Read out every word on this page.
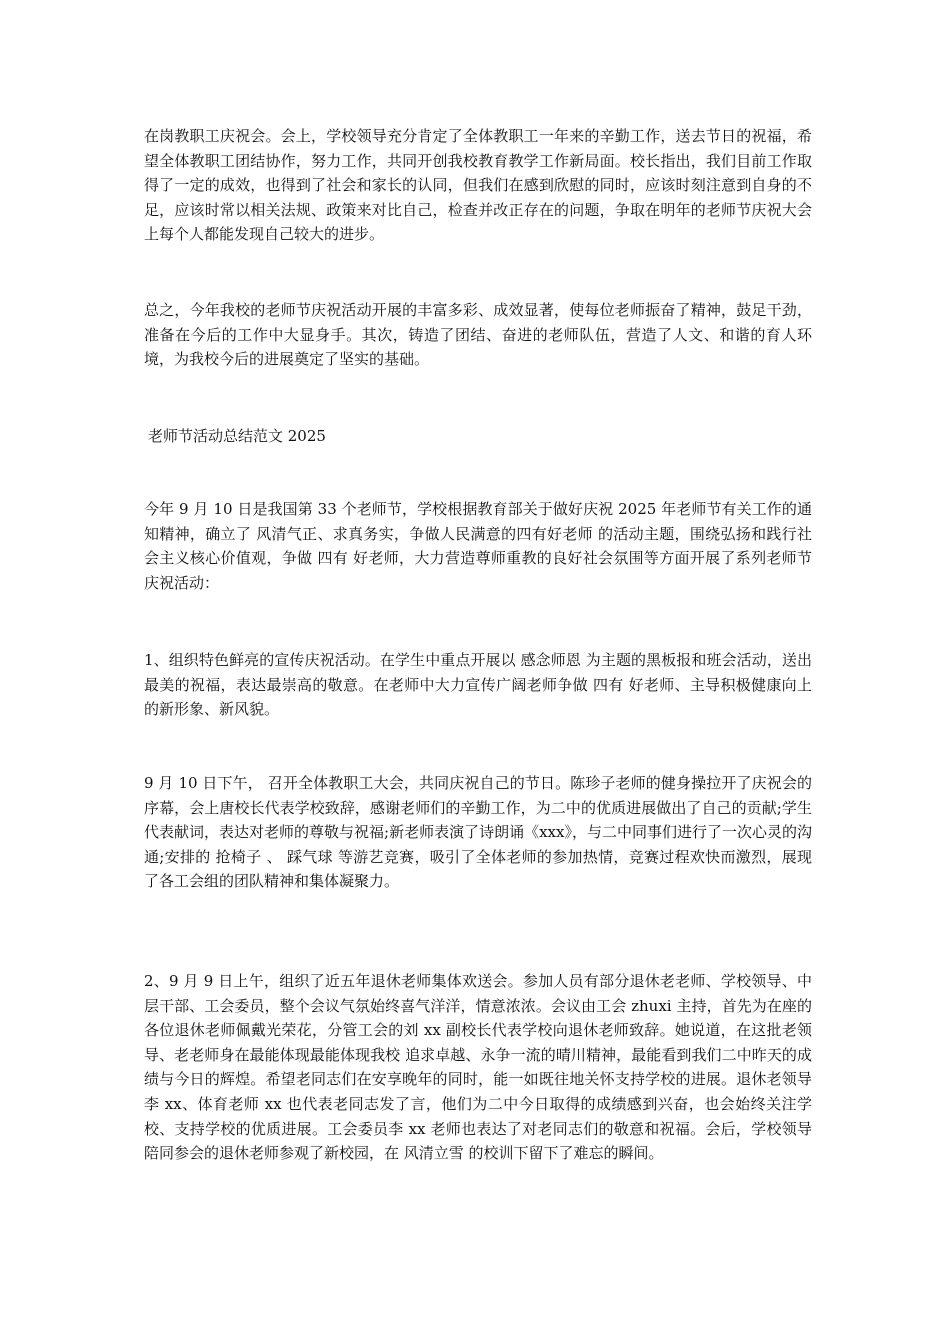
在岗教职工庆祝会。会上，学校领导充分肯定了全体教职工一年来的辛勤工作，送去节日的祝福，希望全体教职工团结协作，努力工作，共同开创我校教育教学工作新局面。校长指出，我们目前工作取得了一定的成效，也得到了社会和家长的认同，但我们在感到欣慰的同时，应该时刻注意到自身的不足，应该时常以相关法规、政策来对比自己，检查并改正存在的问题，争取在明年的老师节庆祝大会上每个人都能发现自己较大的进步。

总之，今年我校的老师节庆祝活动开展的丰富多彩、成效显著，使每位老师振奋了精神，鼓足干劲，准备在今后的工作中大显身手。其次，铸造了团结、奋进的老师队伍，营造了人文、和谐的育人环境，为我校今后的进展奠定了坚实的基础。

老师节活动总结范文 2025

今年 9 月 10 日是我国第 33 个老师节，学校根据教育部关于做好庆祝 2025 年老师节有关工作的通知精神，确立了 风清气正、求真务实，争做人民满意的四有好老师 的活动主题，围绕弘扬和践行社会主义核心价值观，争做 四有 好老师，大力营造尊师重教的良好社会氛围等方面开展了系列老师节庆祝活动：

1、组织特色鲜亮的宣传庆祝活动。在学生中重点开展以 感念师恩 为主题的黑板报和班会活动，送出最美的祝福，表达最崇高的敬意。在老师中大力宣传广阔老师争做 四有 好老师、主导积极健康向上的新形象、新风貌。

9 月 10 日下午， 召开全体教职工大会，共同庆祝自己的节日。陈珍子老师的健身操拉开了庆祝会的序幕，会上唐校长代表学校致辞，感谢老师们的辛勤工作，为二中的优质进展做出了自己的贡献;学生代表献词，表达对老师的尊敬与祝福;新老师表演了诗朗诵《xxx》，与二中同事们进行了一次心灵的沟通;安排的 抢椅子 、 踩气球 等游艺竞赛，吸引了全体老师的参加热情，竞赛过程欢快而激烈，展现了各工会组的团队精神和集体凝聚力。

2、9 月 9 日上午，组织了近五年退休老师集体欢送会。参加人员有部分退休老老师、学校领导、中层干部、工会委员，整个会议气氛始终喜气洋洋，情意浓浓。会议由工会 zhuxi 主持，首先为在座的各位退休老师佩戴光荣花，分管工会的刘 xx 副校长代表学校向退休老师致辞。她说道，在这批老领导、老老师身在最能体现最能体现我校 追求卓越、永争一流的晴川精神，最能看到我们二中昨天的成绩与今日的辉煌。希望老同志们在安享晚年的同时，能一如既往地关怀支持学校的进展。退休老领导李 xx、体育老师 xx 也代表老同志发了言，他们为二中今日取得的成绩感到兴奋，也会始终关注学校、支持学校的优质进展。工会委员李 xx 老师也表达了对老同志们的敬意和祝福。会后，学校领导陪同参会的退休老师参观了新校园，在 风清立雪 的校训下留下了难忘的瞬间。
